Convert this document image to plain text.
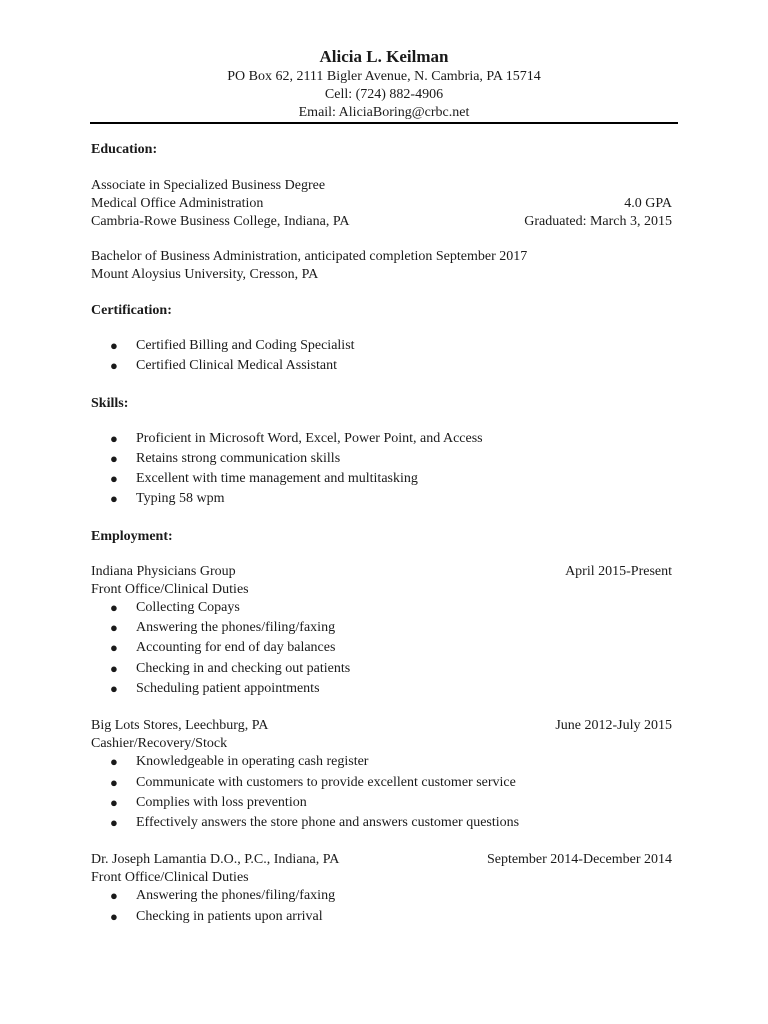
Alicia L. Keilman
PO Box 62, 2111 Bigler Avenue, N. Cambria, PA 15714
Cell: (724) 882-4906
Email: AliciaBoring@crbc.net
Education:
Associate in Specialized Business Degree
Medical Office Administration	4.0 GPA
Cambria-Rowe Business College, Indiana, PA	Graduated: March 3, 2015
Bachelor of Business Administration, anticipated completion September 2017
Mount Aloysius University, Cresson, PA
Certification:
● Certified Billing and Coding Specialist
● Certified Clinical Medical Assistant
Skills:
● Proficient in Microsoft Word, Excel, Power Point, and Access
● Retains strong communication skills
● Excellent with time management and multitasking
● Typing 58 wpm
Employment:
Indiana Physicians Group	April 2015-Present
Front Office/Clinical Duties
● Collecting Copays
● Answering the phones/filing/faxing
● Accounting for end of day balances
● Checking in and checking out patients
● Scheduling patient appointments
Big Lots Stores, Leechburg, PA	June 2012-July 2015
Cashier/Recovery/Stock
● Knowledgeable in operating cash register
● Communicate with customers to provide excellent customer service
● Complies with loss prevention
● Effectively answers the store phone and answers customer questions
Dr. Joseph Lamantia D.O., P.C., Indiana, PA	September 2014-December 2014
Front Office/Clinical Duties
● Answering the phones/filing/faxing
● Checking in patients upon arrival
